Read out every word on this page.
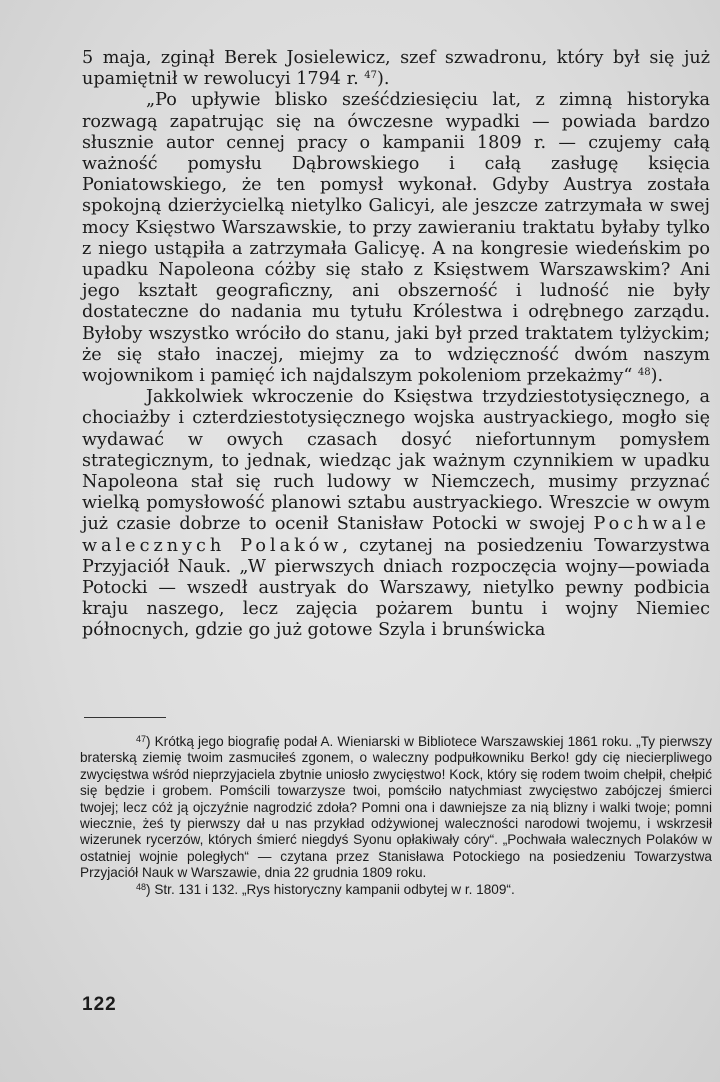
5 maja, zginął Berek Josielewicz, szef szwadronu, który był się już upamiętnił w rewolucyi 1794 r. $^{47}$).

„Po upływie blisko sześćdziesięciu lat, z zimną historyka rozwagą zapatrując się na ówczesne wypadki — powiada bardzo słusznie autor cennej pracy o kampanii 1809 r. — czujemy całą ważność pomysłu Dąbrowskiego i całą zasługę księcia Poniatowskiego, że ten pomysł wykonał. Gdyby Austrya została spokojną dzierżycielką nietylko Galicyi, ale jeszcze zatrzymała w swej mocy Księstwo Warszawskie, to przy zawieraniu traktatu byłaby tylko z niego ustąpiła a zatrzymała Galicyę. A na kongresie wiedeńskim po upadku Napoleona cóżby się stało z Księstwem Warszawskim? Ani jego kształt geograficzny, ani obszerność i ludność nie były dostateczne do nadania mu tytułu Królestwa i odrębnego zarządu. Byłoby wszystko wróciło do stanu, jaki był przed traktatem tylżyckim; że się stało inaczej, miejmy za to wdzięczność dwóm naszym wojownikom i pamięć ich najdalszym pokoleniom przekażmy“ $^{48}$).

Jakkolwiek wkroczenie do Księstwa trzydziestotysięcznego, a chociażby i czterdziestotysięcznego wojska austryackiego, mogło się wydawać w owych czasach dosyć niefortunnym pomysłem strategicznym, to jednak, wiedząc jak ważnym czynnikiem w upadku Napoleona stał się ruch ludowy w Niemczech, musimy przyznać wielką pomysłowość planowi sztabu austryackiego. Wreszcie w owym już czasie dobrze to ocenił Stanisław Potocki w swojej Pochwale walecznych Polaków, czytanej na posiedzeniu Towarzystwa Przyjaciół Nauk. „W pierwszych dniach rozpoczęcia wojny—powiada Potocki — wszedł austryak do Warszawy, nietylko pewny podbicia kraju naszego, lecz zajęcia pożarem buntu i wojny Niemiec północnych, gdzie go już gotowe Szyla i brunświcka

$^{47}$) Krótką jego biografię podał A. Wieniarski w Bibliotece Warszawskiej 1861 roku. „Ty pierwszy braterską ziemię twoim zasmuciłeś zgonem, o waleczny podpułkowniku Berko! gdy cię niecierpliwego zwycięstwa wśród nieprzyjaciela zbytnie uniosło zwycięstwo! Kock, który się rodem twoim chełpił, chełpić się będzie i grobem. Pomścili towarzysze twoi, pomściło natychmiast zwycięstwo zabójczej śmierci twojej; lecz cóż ją ojczyźnie nagrodzić zdoła? Pomni ona i dawniejsze za nią blizny i walki twoje; pomni wiecznie, żeś ty pierwszy dał u nas przykład odżywionej waleczności narodowi twojemu, i wskrzesił wizerunek rycerzów, których śmierć niegdyś Syonu opłakiwały córy“. „Pochwała walecznych Polaków w ostatniej wojnie poległych“ — czytana przez Stanisława Potockiego na posiedzeniu Towarzystwa Przyjaciół Nauk w Warszawie, dnia 22 grudnia 1809 roku.

$^{48}$) Str. 131 i 132. „Rys historyczny kampanii odbytej w r. 1809“.

122
